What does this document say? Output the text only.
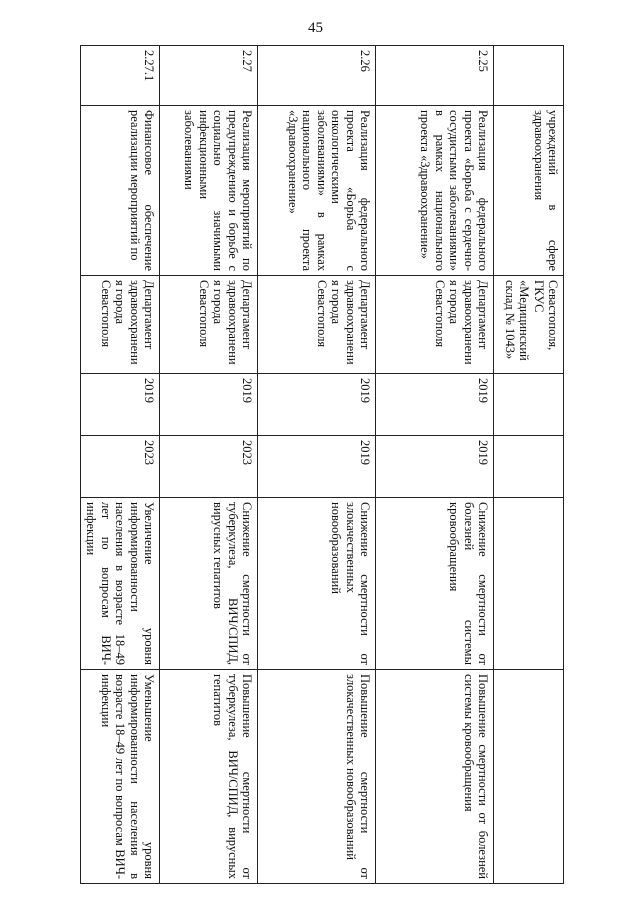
45
	учреждений в сфере здравоохранения	Севастополя, ГКУС «Медицинский склад № 1043»				
2.25	Реализация федерального проекта «Борьба с сердечно-сосудистыми заболеваниями» в рамках национального проекта «Здравоохранение»	Департамент здравоохранения города Севастополя	2019	2019	Снижение смертности от болезней системы кровообращения	Повышение смертности от болезней системы кровообращения
2.26	Реализация федерального проекта «Борьба с онкологическими заболеваниями» в рамках национального проекта «Здравоохранение»	Департамент здравоохранения города Севастополя	2019	2019	Снижение смертности от злокачественных новообразований	Повышение смертности от злокачественных новообразований
2.27	Реализация мероприятий по предупреждению и борьбе с социально значимыми инфекционными заболеваниями	Департамент здравоохранения города Севастополя	2019	2023	Снижение смертности от туберкулеза, ВИЧ/СПИД, вирусных гепатитов	Повышение смертности от туберкулеза, ВИЧ/СПИД, вирусных гепатитов
2.27.1	Финансовое обеспечение реализации мероприятий по	Департамент здравоохранения города Севастополя	2019	2023	Увеличение уровня информированности населения в возрасте 18–49 лет по вопросам ВИЧ-инфекции	Уменьшение уровня информированности населения в возрасте 18–49 лет по вопросам ВИЧ-инфекции
